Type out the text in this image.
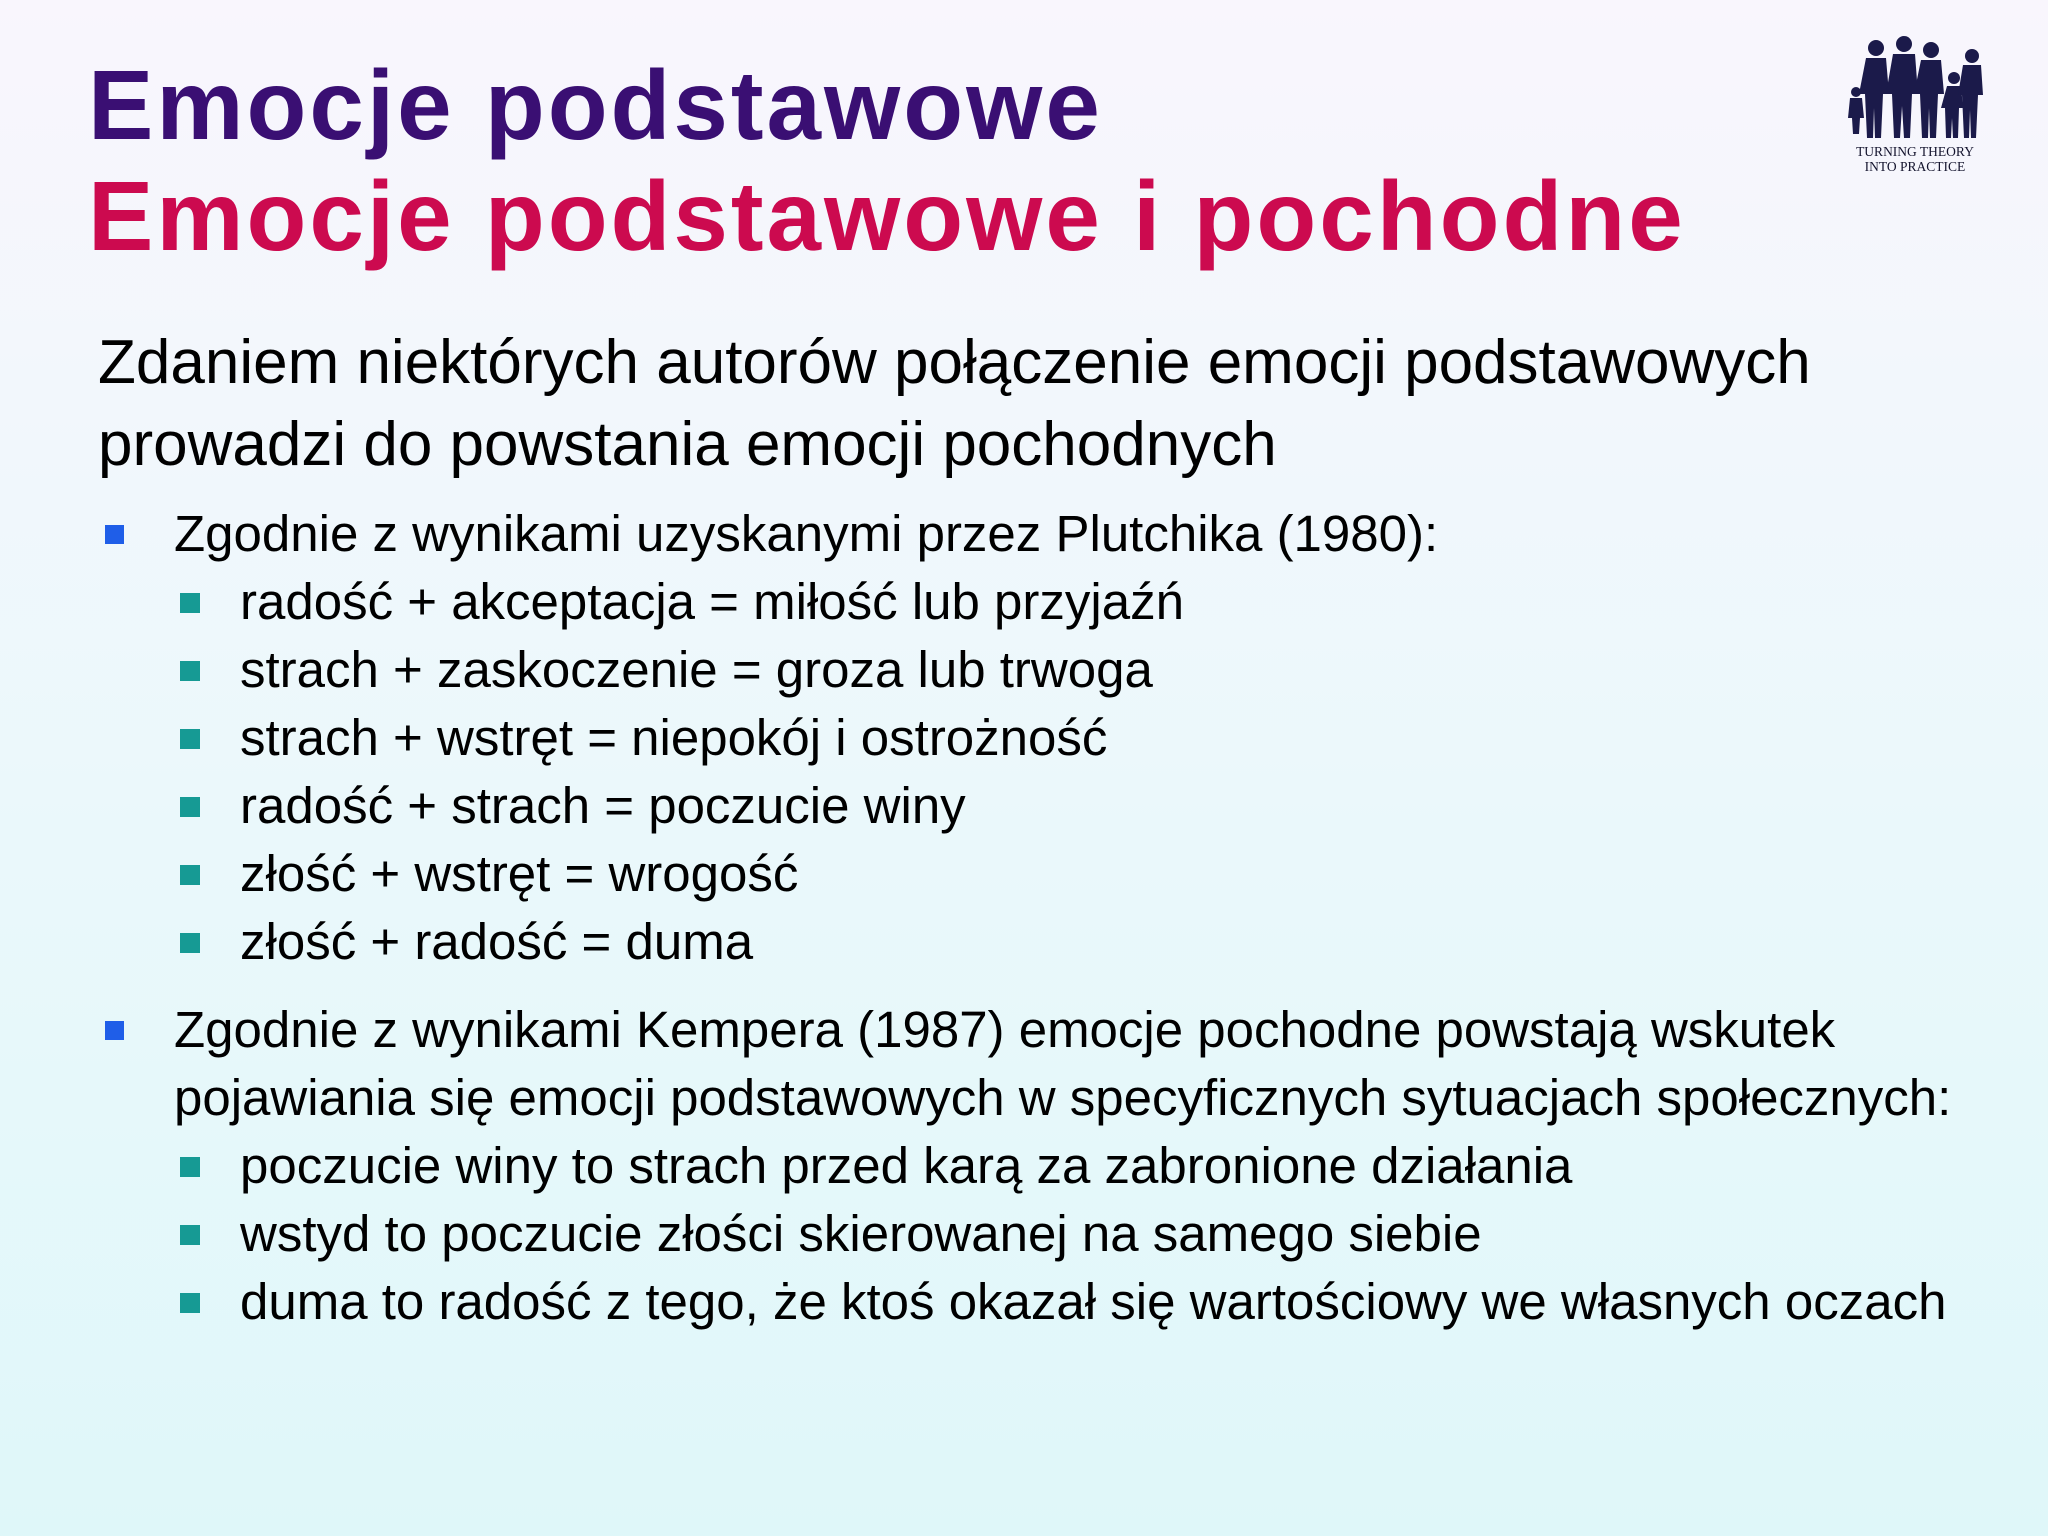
Emocje podstawowe
Emocje podstawowe i pochodne
TURNING THEORY
INTO PRACTICE

Zdaniem niektórych autorów połączenie emocji podstawowych prowadzi do powstania emocji pochodnych

Zgodnie z wynikami uzyskanymi przez Plutchika (1980):
radość + akceptacja = miłość lub przyjaźń
strach + zaskoczenie = groza lub trwoga
strach + wstręt = niepokój i ostrożność
radość + strach = poczucie winy
złość + wstręt = wrogość
złość + radość = duma
Zgodnie z wynikami Kempera (1987) emocje pochodne powstają wskutek pojawiania się emocji podstawowych w specyficznych sytuacjach społecznych:
poczucie winy to strach przed karą za zabronione działania
wstyd to poczucie złości skierowanej na samego siebie
duma to radość z tego, że ktoś okazał się wartościowy we własnych oczach
